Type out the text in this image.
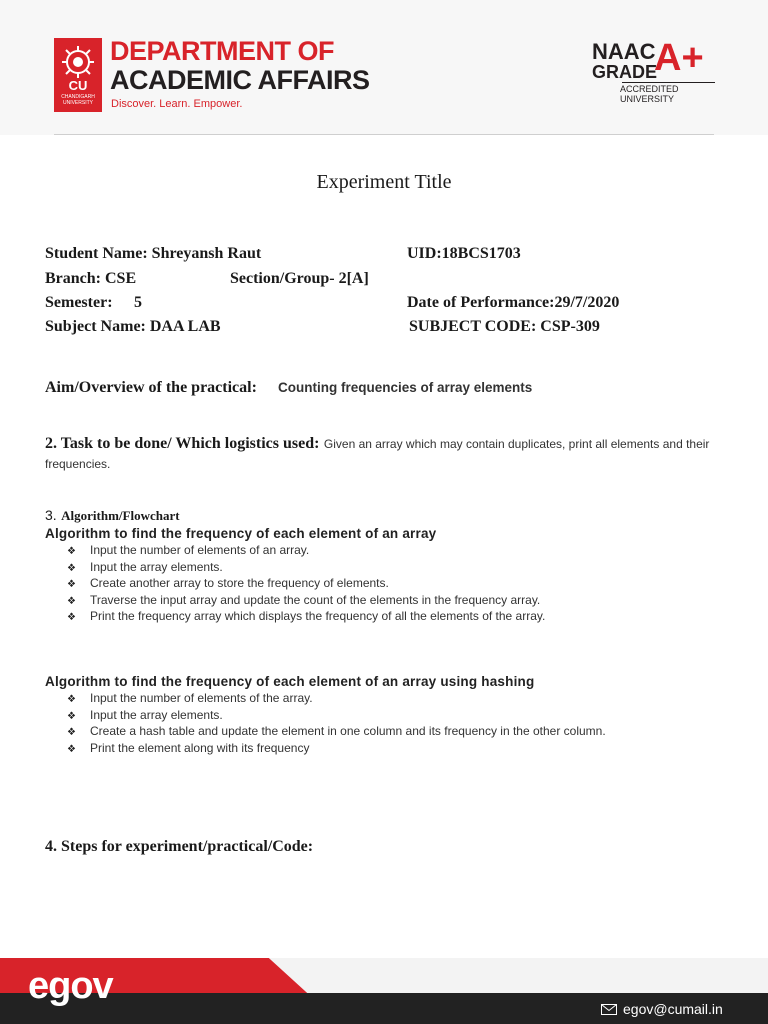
CU
CHANDIGARH UNIVERSITY
DEPARTMENT OF
ACADEMIC AFFAIRS
Discover. Learn. Empower.
NAAC
GRADE
A+
ACCREDITED UNIVERSITY
Experiment Title
Student Name: Shreyansh Raut	UID:18BCS1703
Branch: CSE	Section/Group- 2[A]
Semester: 5	Date of Performance:29/7/2020
Subject Name: DAA LAB	SUBJECT CODE: CSP-309
Aim/Overview of the practical: Counting frequencies of array elements
2. Task to be done/ Which logistics used: Given an array which may contain duplicates, print all elements and their frequencies.
3. Algorithm/Flowchart
Algorithm to find the frequency of each element of an array
❖ Input the number of elements of an array.
❖ Input the array elements.
❖ Create another array to store the frequency of elements.
❖ Traverse the input array and update the count of the elements in the frequency array.
❖ Print the frequency array which displays the frequency of all the elements of the array.
Algorithm to find the frequency of each element of an array using hashing
❖ Input the number of elements of the array.
❖ Input the array elements.
❖ Create a hash table and update the element in one column and its frequency in the other column.
❖ Print the element along with its frequency
4. Steps for experiment/practical/Code:
egov
egov@cumail.in
